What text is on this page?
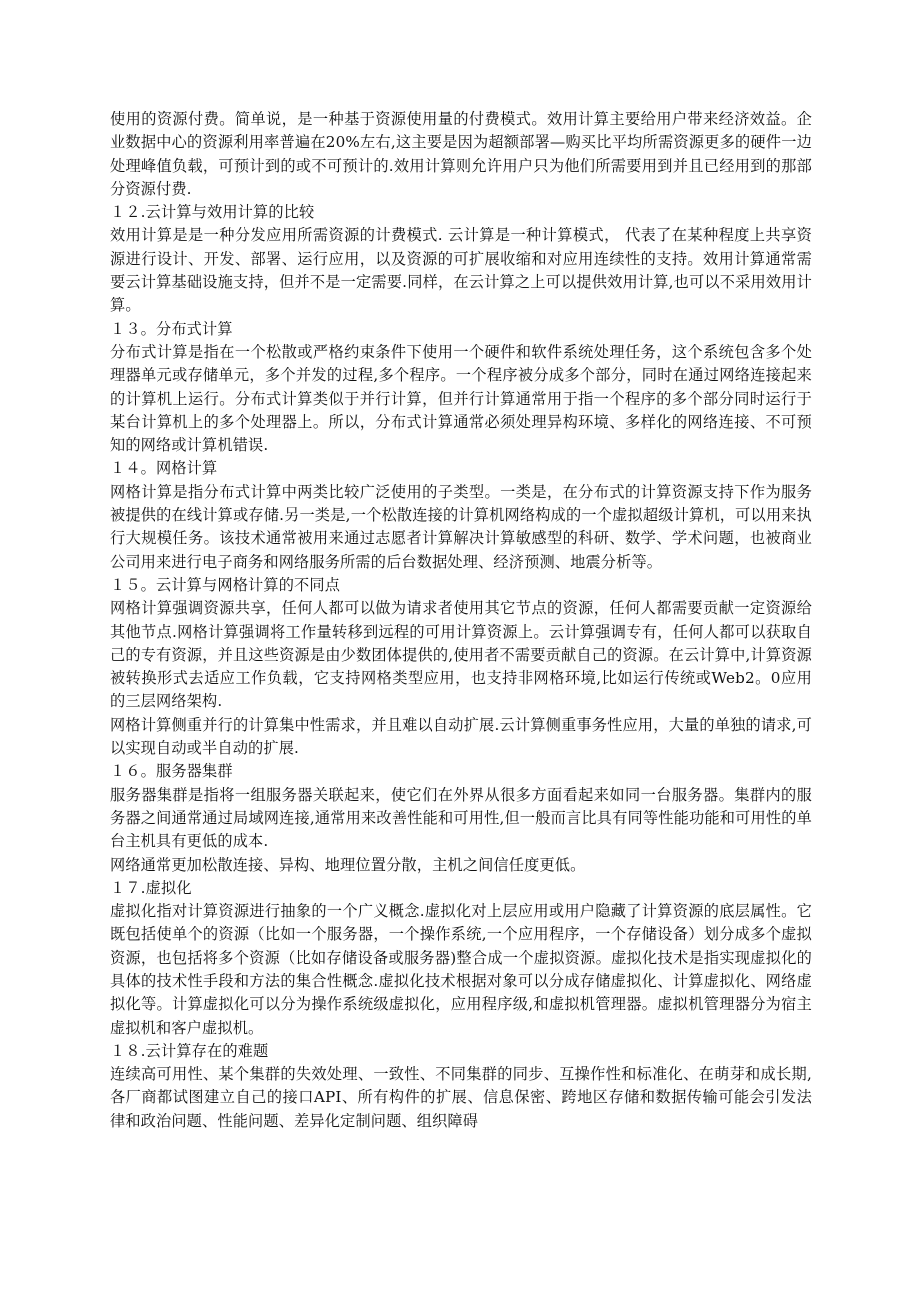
使用的资源付费。简单说，是一种基于资源使用量的付费模式。效用计算主要给用户带来经济效益。企业数据中心的资源利用率普遍在20%左右,这主要是因为超额部署—购买比平均所需资源更多的硬件一边处理峰值负载，可预计到的或不可预计的.效用计算则允许用户只为他们所需要用到并且已经用到的那部分资源付费.

１２.云计算与效用计算的比较

效用计算是是一种分发应用所需资源的计费模式. 云计算是一种计算模式， 代表了在某种程度上共享资源进行设计、开发、部署、运行应用，以及资源的可扩展收缩和对应用连续性的支持。效用计算通常需要云计算基础设施支持，但并不是一定需要.同样，在云计算之上可以提供效用计算,也可以不采用效用计算。

１３。分布式计算

分布式计算是指在一个松散或严格约束条件下使用一个硬件和软件系统处理任务，这个系统包含多个处理器单元或存储单元，多个并发的过程,多个程序。一个程序被分成多个部分，同时在通过网络连接起来的计算机上运行。分布式计算类似于并行计算，但并行计算通常用于指一个程序的多个部分同时运行于某台计算机上的多个处理器上。所以，分布式计算通常必须处理异构环境、多样化的网络连接、不可预知的网络或计算机错误.

１４。网格计算

网格计算是指分布式计算中两类比较广泛使用的子类型。一类是，在分布式的计算资源支持下作为服务被提供的在线计算或存储.另一类是,一个松散连接的计算机网络构成的一个虚拟超级计算机，可以用来执行大规模任务。该技术通常被用来通过志愿者计算解决计算敏感型的科研、数学、学术问题，也被商业公司用来进行电子商务和网络服务所需的后台数据处理、经济预测、地震分析等。

１５。云计算与网格计算的不同点

网格计算强调资源共享，任何人都可以做为请求者使用其它节点的资源，任何人都需要贡献一定资源给其他节点.网格计算强调将工作量转移到远程的可用计算资源上。云计算强调专有，任何人都可以获取自己的专有资源，并且这些资源是由少数团体提供的,使用者不需要贡献自己的资源。在云计算中,计算资源被转换形式去适应工作负载，它支持网格类型应用，也支持非网格环境,比如运行传统或Web2。0应用的三层网络架构.

网格计算侧重并行的计算集中性需求，并且难以自动扩展.云计算侧重事务性应用，大量的单独的请求,可以实现自动或半自动的扩展.

１６。服务器集群

服务器集群是指将一组服务器关联起来，使它们在外界从很多方面看起来如同一台服务器。集群内的服务器之间通常通过局域网连接,通常用来改善性能和可用性,但一般而言比具有同等性能功能和可用性的单台主机具有更低的成本.

网络通常更加松散连接、异构、地理位置分散，主机之间信任度更低。

１７.虚拟化

虚拟化指对计算资源进行抽象的一个广义概念.虚拟化对上层应用或用户隐藏了计算资源的底层属性。它既包括使单个的资源（比如一个服务器，一个操作系统,一个应用程序，一个存储设备）划分成多个虚拟资源，也包括将多个资源（比如存储设备或服务器)整合成一个虚拟资源。虚拟化技术是指实现虚拟化的具体的技术性手段和方法的集合性概念.虚拟化技术根据对象可以分成存储虚拟化、计算虚拟化、网络虚拟化等。计算虚拟化可以分为操作系统级虚拟化，应用程序级,和虚拟机管理器。虚拟机管理器分为宿主虚拟机和客户虚拟机。

１８.云计算存在的难题

连续高可用性、某个集群的失效处理、一致性、不同集群的同步、互操作性和标准化、在萌芽和成长期,各厂商都试图建立自己的接口API、所有构件的扩展、信息保密、跨地区存储和数据传输可能会引发法律和政治问题、性能问题、差异化定制问题、组织障碍
